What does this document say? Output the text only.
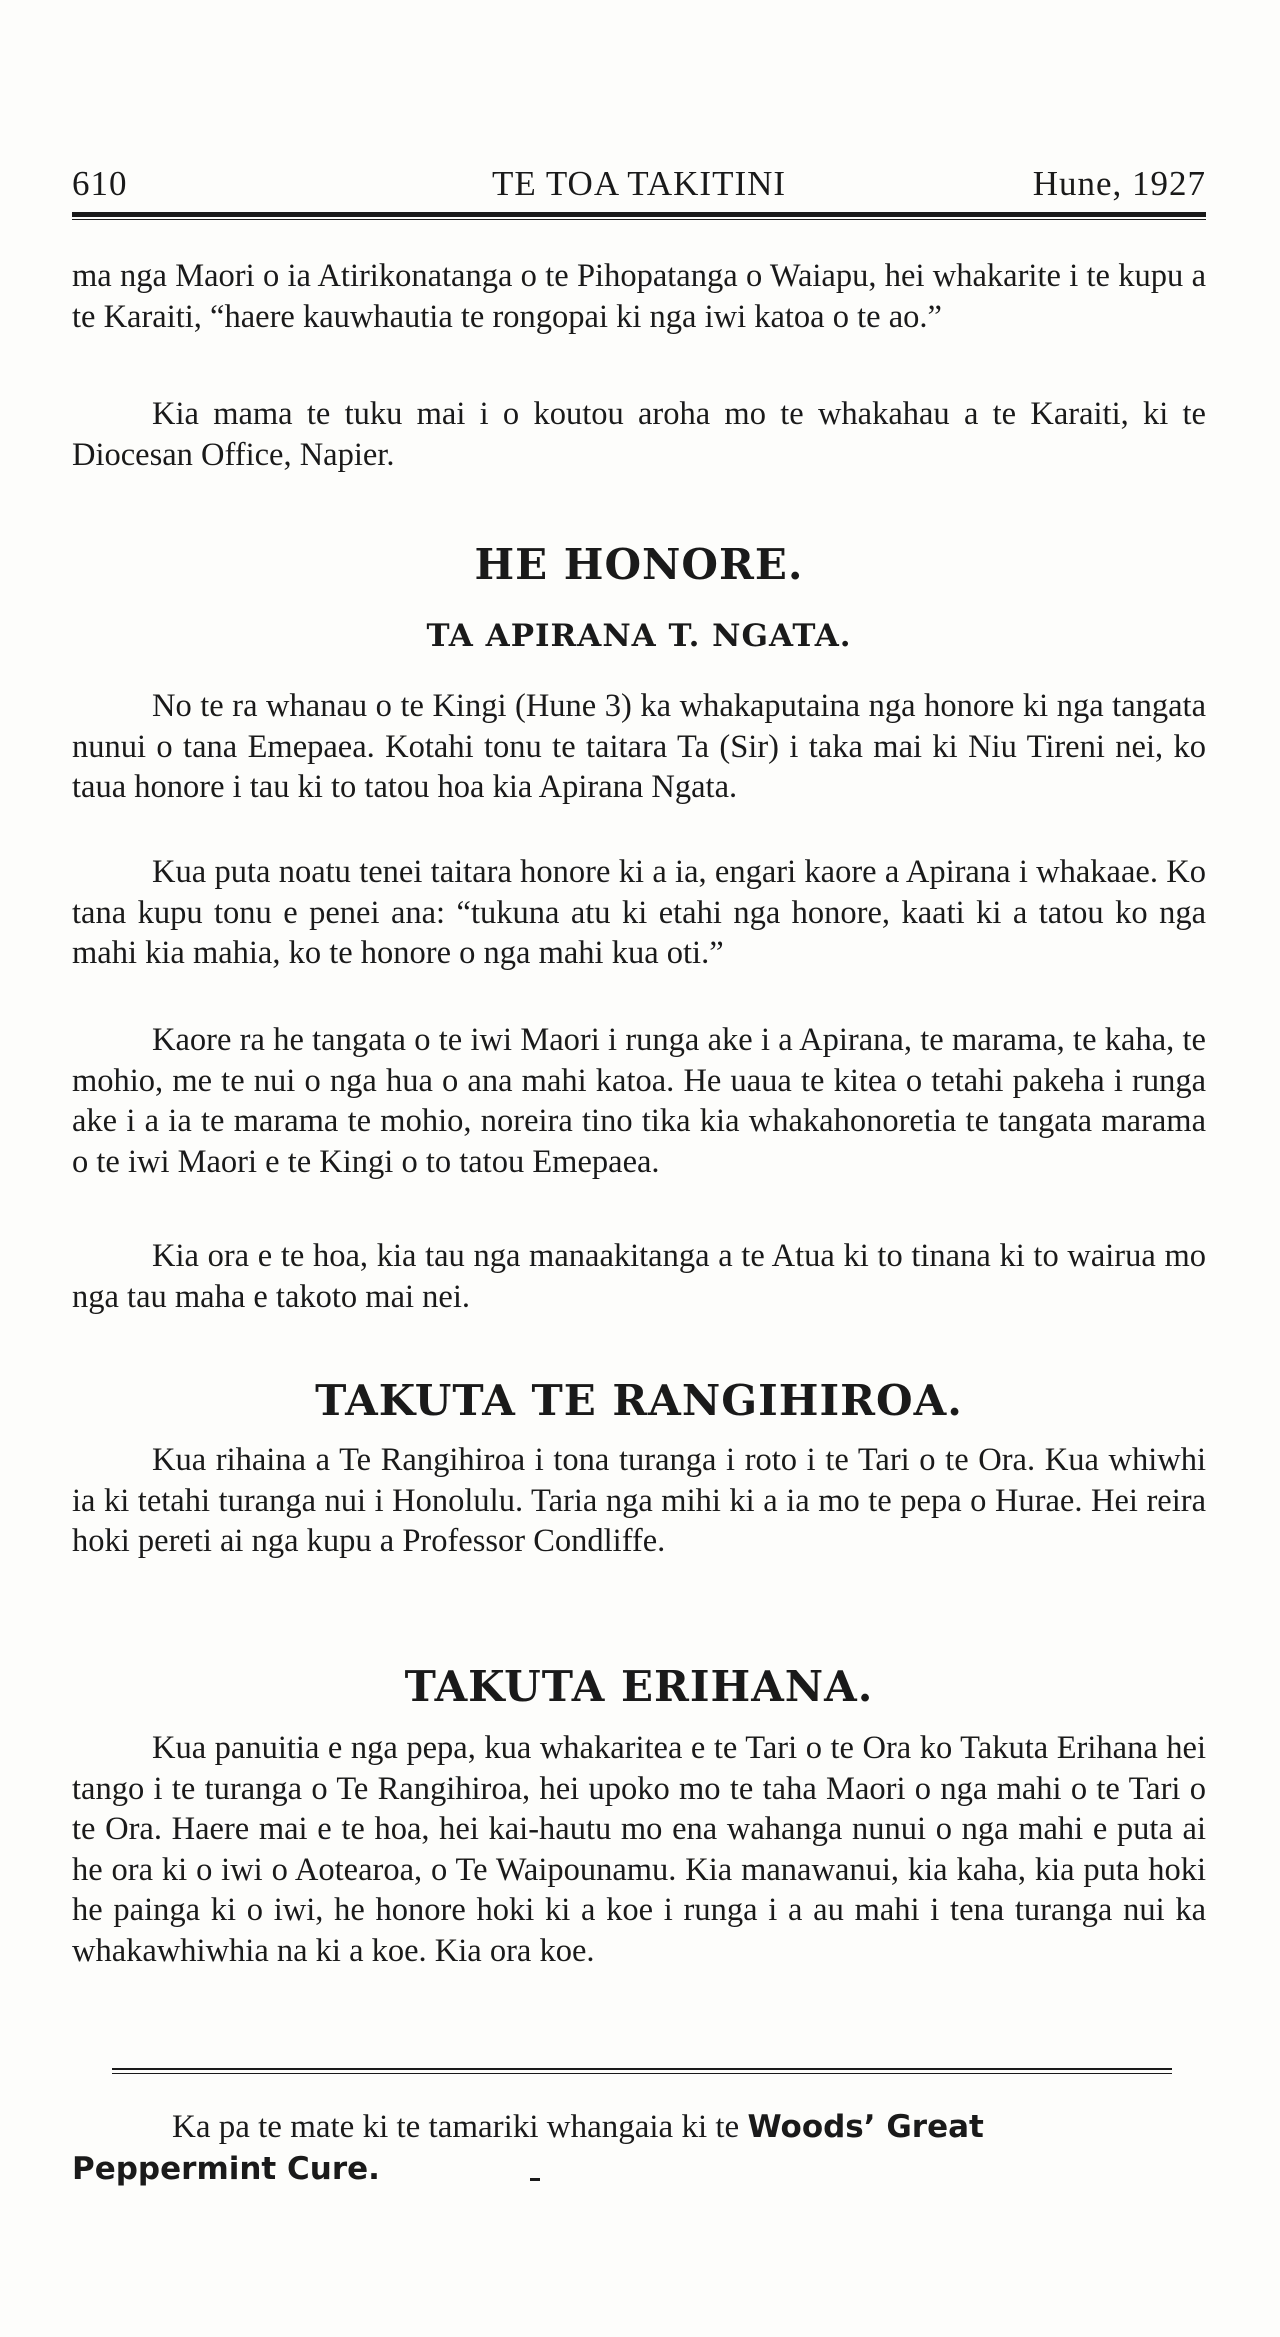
610	TE TOA TAKITINI	Hune, 1927

ma nga Maori o ia Atirikonatanga o te Pihopatanga o Waiapu, hei whakarite i te kupu a te Karaiti, “haere kauwhautia te rongopai ki nga iwi katoa o te ao.”

Kia mama te tuku mai i o koutou aroha mo te whakahau a te Karaiti, ki te Diocesan Office, Napier.

HE HONORE.
TA APIRANA T. NGATA.

No te ra whanau o te Kingi (Hune 3) ka whakaputaina nga honore ki nga tangata nunui o tana Emepaea. Kotahi tonu te taitara Ta (Sir) i taka mai ki Niu Tireni nei, ko taua honore i tau ki to tatou hoa kia Apirana Ngata.

Kua puta noatu tenei taitara honore ki a ia, engari kaore a Apirana i whakaae. Ko tana kupu tonu e penei ana: “tukuna atu ki etahi nga honore, kaati ki a tatou ko nga mahi kia mahia, ko te honore o nga mahi kua oti.”

Kaore ra he tangata o te iwi Maori i runga ake i a Apirana, te marama, te kaha, te mohio, me te nui o nga hua o ana mahi katoa. He uaua te kitea o tetahi pakeha i runga ake i a ia te marama te mohio, noreira tino tika kia whakahonoretia te tangata marama o te iwi Maori e te Kingi o to tatou Emepaea.

Kia ora e te hoa, kia tau nga manaakitanga a te Atua ki to tinana ki to wairua mo nga tau maha e takoto mai nei.

TAKUTA TE RANGIHIROA.

Kua rihaina a Te Rangihiroa i tona turanga i roto i te Tari o te Ora. Kua whiwhi ia ki tetahi turanga nui i Honolulu. Taria nga mihi ki a ia mo te pepa o Hurae. Hei reira hoki pereti ai nga kupu a Professor Condliffe.

TAKUTA ERIHANA.

Kua panuitia e nga pepa, kua whakaritea e te Tari o te Ora ko Takuta Erihana hei tango i te turanga o Te Rangihiroa, hei upoko mo te taha Maori o nga mahi o te Tari o te Ora. Haere mai e te hoa, hei kai-hautu mo ena wahanga nunui o nga mahi e puta ai he ora ki o iwi o Aotearoa, o Te Waipounamu. Kia manawanui, kia kaha, kia puta hoki he painga ki o iwi, he honore hoki ki a koe i runga i a au mahi i tena turanga nui ka whakawhiwhia na ki a koe. Kia ora koe.

Ka pa te mate ki te tamariki whangaia ki te Woods’ Great
Peppermint Cure.
